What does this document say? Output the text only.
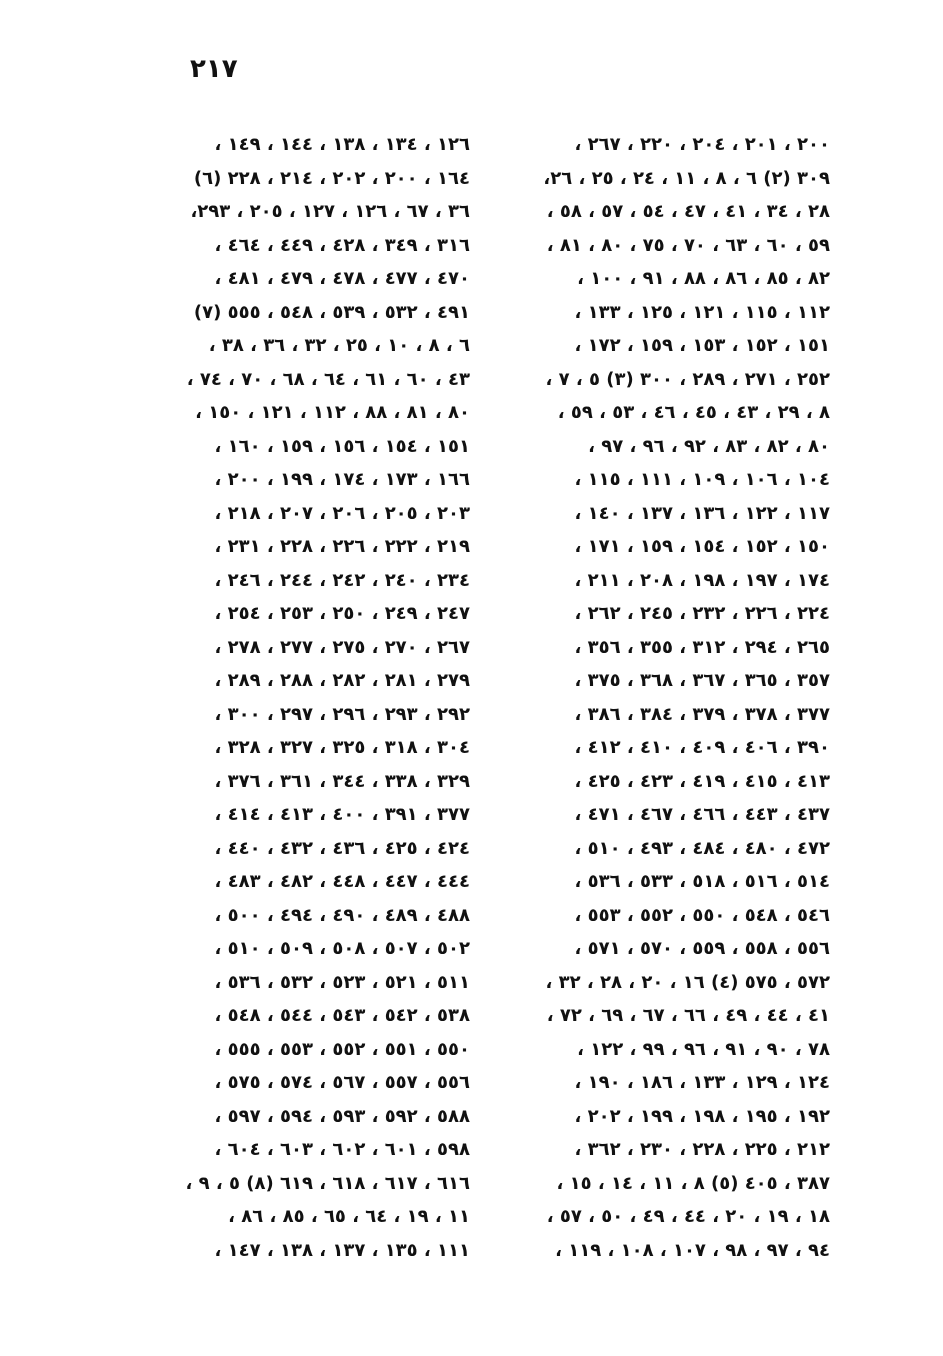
٢١٧
٢٠٠ ، ٢٠١ ، ٢٠٤ ، ٢٢٠ ، ٢٦٧ ،
٣٠٩ (٢) ٦ ، ٨ ، ١١ ، ٢٤ ، ٢٥ ، ٢٦،
٢٨ ، ٣٤ ، ٤١ ، ٤٧ ، ٥٤ ، ٥٧ ، ٥٨ ،
٥٩ ، ٦٠ ، ٦٣ ، ٧٠ ، ٧٥ ، ٨٠ ، ٨١ ،
٨٢ ، ٨٥ ، ٨٦ ، ٨٨ ، ٩١ ، ١٠٠ ،
١١٢ ، ١١٥ ، ١٢١ ، ١٢٥ ، ١٣٣ ،
١٥١ ، ١٥٢ ، ١٥٣ ، ١٥٩ ، ١٧٢ ،
٢٥٢ ، ٢٧١ ، ٢٨٩ ، ٣٠٠ (٣) ٥ ، ٧ ،
٨ ، ٢٩ ، ٤٣ ، ٤٥ ، ٤٦ ، ٥٣ ، ٥٩ ،
٨٠ ، ٨٢ ، ٨٣ ، ٩٢ ، ٩٦ ، ٩٧ ،
١٠٤ ، ١٠٦ ، ١٠٩ ، ١١١ ، ١١٥ ،
١١٧ ، ١٢٢ ، ١٣٦ ، ١٣٧ ، ١٤٠ ،
١٥٠ ، ١٥٢ ، ١٥٤ ، ١٥٩ ، ١٧١ ،
١٧٤ ، ١٩٧ ، ١٩٨ ، ٢٠٨ ، ٢١١ ،
٢٢٤ ، ٢٢٦ ، ٢٣٢ ، ٢٤٥ ، ٢٦٢ ،
٢٦٥ ، ٢٩٤ ، ٣١٢ ، ٣٥٥ ، ٣٥٦ ،
٣٥٧ ، ٣٦٥ ، ٣٦٧ ، ٣٦٨ ، ٣٧٥ ،
٣٧٧ ، ٣٧٨ ، ٣٧٩ ، ٣٨٤ ، ٣٨٦ ،
٣٩٠ ، ٤٠٦ ، ٤٠٩ ، ٤١٠ ، ٤١٢ ،
٤١٣ ، ٤١٥ ، ٤١٩ ، ٤٢٣ ، ٤٢٥ ،
٤٣٧ ، ٤٤٣ ، ٤٦٦ ، ٤٦٧ ، ٤٧١ ،
٤٧٢ ، ٤٨٠ ، ٤٨٤ ، ٤٩٣ ، ٥١٠ ،
٥١٤ ، ٥١٦ ، ٥١٨ ، ٥٣٣ ، ٥٣٦ ،
٥٤٦ ، ٥٤٨ ، ٥٥٠ ، ٥٥٢ ، ٥٥٣ ،
٥٥٦ ، ٥٥٨ ، ٥٥٩ ، ٥٧٠ ، ٥٧١ ،
٥٧٢ ، ٥٧٥ (٤) ١٦ ، ٢٠ ، ٢٨ ، ٣٢ ،
٤١ ، ٤٤ ، ٤٩ ، ٦٦ ، ٦٧ ، ٦٩ ، ٧٢ ،
٧٨ ، ٩٠ ، ٩١ ، ٩٦ ، ٩٩ ، ١٢٢ ،
١٢٤ ، ١٢٩ ، ١٣٣ ، ١٨٦ ، ١٩٠ ،
١٩٢ ، ١٩٥ ، ١٩٨ ، ١٩٩ ، ٢٠٢ ،
٢١٢ ، ٢٢٥ ، ٢٢٨ ، ٢٣٠ ، ٣٦٢ ،
٣٨٧ ، ٤٠٥ (٥) ٨ ، ١١ ، ١٤ ، ١٥ ،
١٨ ، ١٩ ، ٢٠ ، ٤٤ ، ٤٩ ، ٥٠ ، ٥٧ ،
٩٤ ، ٩٧ ، ٩٨ ، ١٠٧ ، ١٠٨ ، ١١٩ ،
١٢٦ ، ١٣٤ ، ١٣٨ ، ١٤٤ ، ١٤٩ ،
١٦٤ ، ٢٠٠ ، ٢٠٢ ، ٢١٤ ، ٢٢٨ (٦)
٣٦ ، ٦٧ ، ١٢٦ ، ١٢٧ ، ٢٠٥ ، ٢٩٣،
٣١٦ ، ٣٤٩ ، ٤٢٨ ، ٤٤٩ ، ٤٦٤ ،
٤٧٠ ، ٤٧٧ ، ٤٧٨ ، ٤٧٩ ، ٤٨١ ،
٤٩١ ، ٥٣٢ ، ٥٣٩ ، ٥٤٨ ، ٥٥٥ (٧)
٦ ، ٨ ، ١٠ ، ٢٥ ، ٣٢ ، ٣٦ ، ٣٨ ،
٤٣ ، ٦٠ ، ٦١ ، ٦٤ ، ٦٨ ، ٧٠ ، ٧٤ ،
٨٠ ، ٨١ ، ٨٨ ، ١١٢ ، ١٢١ ، ١٥٠ ،
١٥١ ، ١٥٤ ، ١٥٦ ، ١٥٩ ، ١٦٠ ،
١٦٦ ، ١٧٣ ، ١٧٤ ، ١٩٩ ، ٢٠٠ ،
٢٠٣ ، ٢٠٥ ، ٢٠٦ ، ٢٠٧ ، ٢١٨ ،
٢١٩ ، ٢٢٢ ، ٢٢٦ ، ٢٢٨ ، ٢٣١ ،
٢٣٤ ، ٢٤٠ ، ٢٤٢ ، ٢٤٤ ، ٢٤٦ ،
٢٤٧ ، ٢٤٩ ، ٢٥٠ ، ٢٥٣ ، ٢٥٤ ،
٢٦٧ ، ٢٧٠ ، ٢٧٥ ، ٢٧٧ ، ٢٧٨ ،
٢٧٩ ، ٢٨١ ، ٢٨٢ ، ٢٨٨ ، ٢٨٩ ،
٢٩٢ ، ٢٩٣ ، ٢٩٦ ، ٢٩٧ ، ٣٠٠ ،
٣٠٤ ، ٣١٨ ، ٣٢٥ ، ٣٢٧ ، ٣٢٨ ،
٣٢٩ ، ٣٣٨ ، ٣٤٤ ، ٣٦١ ، ٣٧٦ ،
٣٧٧ ، ٣٩١ ، ٤٠٠ ، ٤١٣ ، ٤١٤ ،
٤٢٤ ، ٤٢٥ ، ٤٣٦ ، ٤٣٢ ، ٤٤٠ ،
٤٤٤ ، ٤٤٧ ، ٤٤٨ ، ٤٨٢ ، ٤٨٣ ،
٤٨٨ ، ٤٨٩ ، ٤٩٠ ، ٤٩٤ ، ٥٠٠ ،
٥٠٢ ، ٥٠٧ ، ٥٠٨ ، ٥٠٩ ، ٥١٠ ،
٥١١ ، ٥٢١ ، ٥٢٣ ، ٥٣٢ ، ٥٣٦ ،
٥٣٨ ، ٥٤٢ ، ٥٤٣ ، ٥٤٤ ، ٥٤٨ ،
٥٥٠ ، ٥٥١ ، ٥٥٢ ، ٥٥٣ ، ٥٥٥ ،
٥٥٦ ، ٥٥٧ ، ٥٦٧ ، ٥٧٤ ، ٥٧٥ ،
٥٨٨ ، ٥٩٢ ، ٥٩٣ ، ٥٩٤ ، ٥٩٧ ،
٥٩٨ ، ٦٠١ ، ٦٠٢ ، ٦٠٣ ، ٦٠٤ ،
٦١٦ ، ٦١٧ ، ٦١٨ ، ٦١٩ (٨) ٥ ، ٩ ،
١١ ، ١٩ ، ٦٤ ، ٦٥ ، ٨٥ ، ٨٦ ،
١١١ ، ١٣٥ ، ١٣٧ ، ١٣٨ ، ١٤٧ ،
